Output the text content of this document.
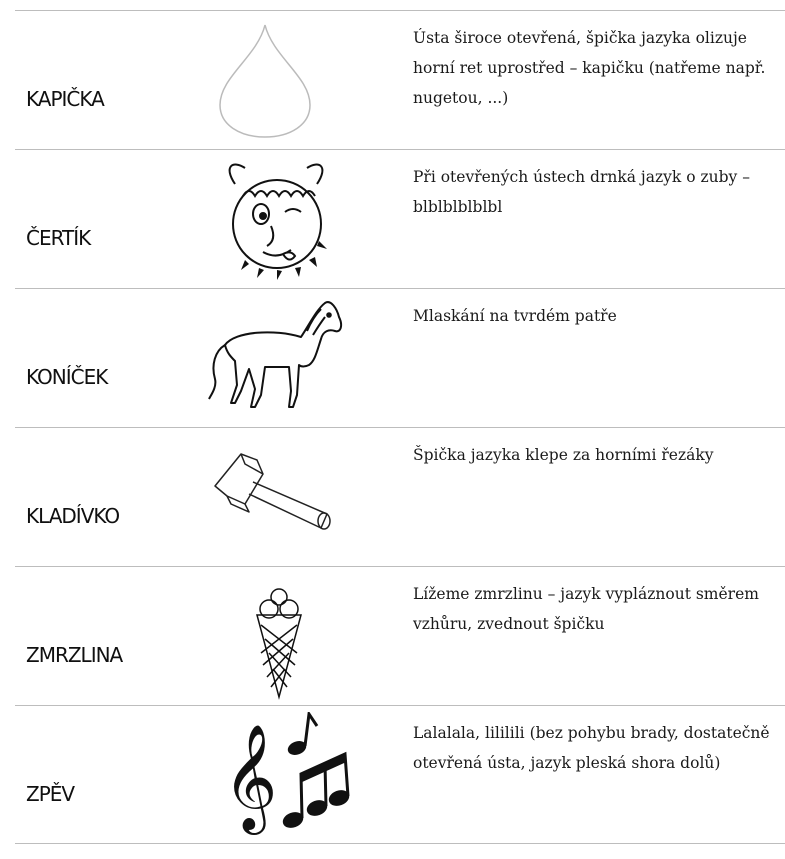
KAPIČKA
Ústa široce otevřená, špička jazyka olizuje horní ret uprostřed – kapičku (natřeme např. nugetou, ...)
ČERTÍK
Při otevřených ústech drnká jazyk o zuby – blblblblblbl
KONÍČEK
Mlaskání na tvrdém patře
KLADÍVKO
Špička jazyka klepe za horními řezáky
ZMRZLINA
Lížeme zmrzlinu – jazyk vypláznout směrem vzhůru, zvednout špičku
ZPĚV 𝄞	Lalalala, lililili (bez pohybu brady, dostatečně otevřená ústa, jazyk pleská shora dolů)
